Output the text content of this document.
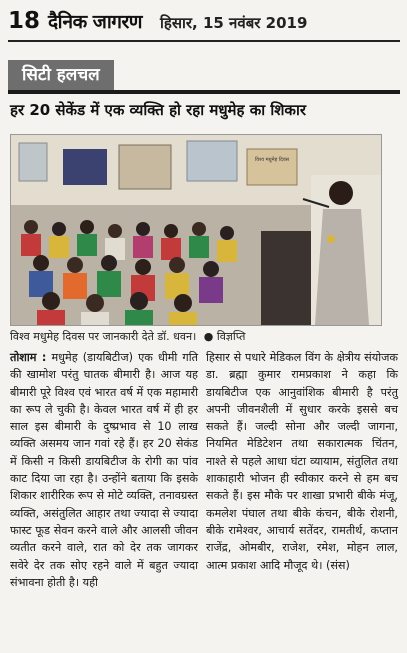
18 दैनिक जागरण हिसार, 15 नवंबर 2019
सिटी हलचल
हर 20 सेकेंड में एक व्यक्ति हो रहा मधुमेह का शिकार
विश्व मधुमेह दिवस
विश्व मधुमेह दिवस पर जानकारी देते डॉ. धवन। ● विज्ञप्ति

तोशाम : मधुमेह (डायबिटीज) एक धीमी गति की खामोश परंतु घातक बीमारी है। आज यह बीमारी पूरे विश्व एवं भारत वर्ष में एक महामारी का रूप ले चुकी है। केवल भारत वर्ष में ही हर साल इस बीमारी के दुष्प्रभाव से 10 लाख व्यक्ति असमय जान गवां रहे हैं। हर 20 सेकंड में किसी न किसी डायबिटीज के रोगी का पांव काट दिया जा रहा है। उन्होंने बताया कि इसके शिकार शारीरिक रूप से मोटे व्यक्ति, तनावग्रस्त व्यक्ति, असंतुलित आहार तथा ज्यादा से ज्यादा फास्ट फूड सेवन करने वाले और आलसी जीवन व्यतीत करने वाले, रात को देर तक जागकर सवेरे देर तक सोए रहने वाले में बहुत ज्यादा संभावना होती है। यही

हिसार से पधारे मेडिकल विंग के क्षेत्रीय संयोजक डा. ब्रह्मा कुमार रामप्रकाश ने कहा कि डायबिटीज एक आनुवांशिक बीमारी है परंतु अपनी जीवनशैली में सुधार करके इससे बच सकते हैं। जल्दी सोना और जल्दी जागना, नियमित मेडिटेशन तथा सकारात्मक चिंतन, नाश्ते से पहले आधा घंटा व्यायाम, संतुलित तथा शाकाहारी भोजन ही स्वीकार करने से हम बच सकते हैं। इस मौके पर शाखा प्रभारी बीके मंजू, कमलेश पंघाल तथा बीके कंचन, बीके रोशनी, बीके रामेश्वर, आचार्य सतेंदर, रामतीर्थ, कप्तान राजेंद्र, ओमबीर, राजेश, रमेश, मोहन लाल, आत्म प्रकाश आदि मौजूद थे। (संस)
